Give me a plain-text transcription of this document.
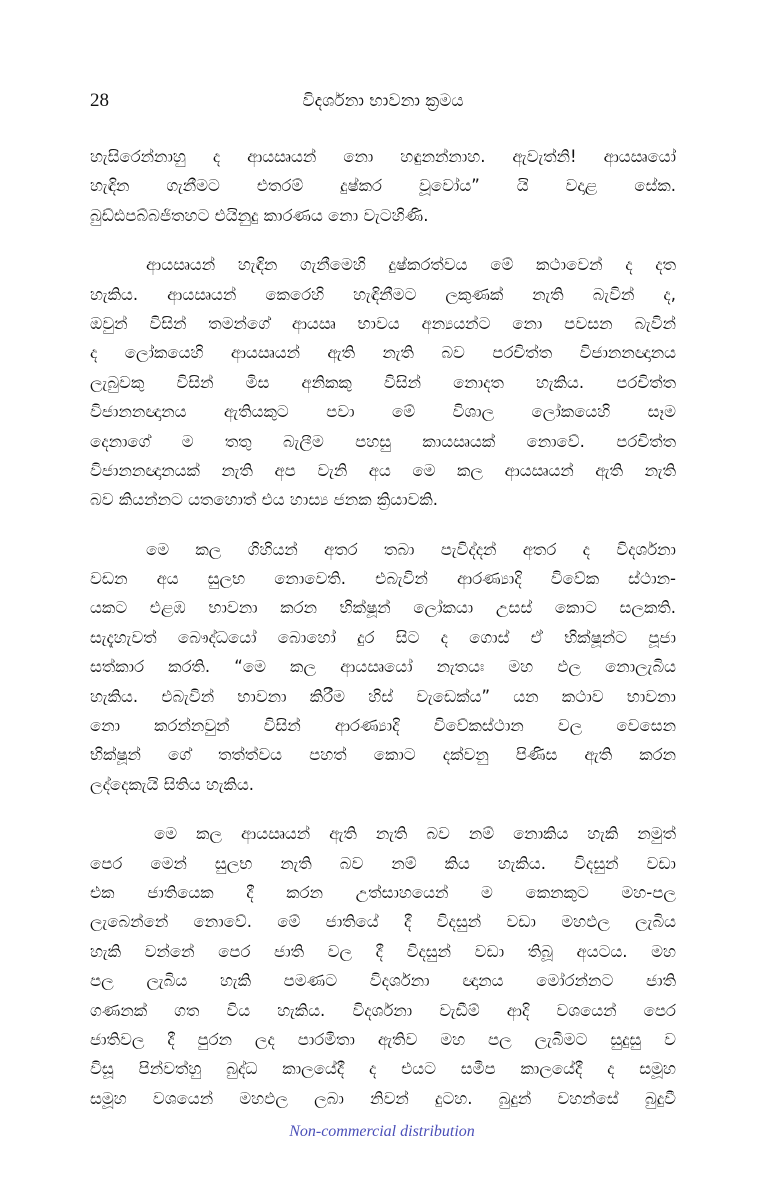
28	විදර්ශනා භාවනා ක්‍රමය
හැසිරෙන්නාහු ද ආයඍයන් නො හඳුනන්නාහ. ඇවැත්නි! ආයඍයෝ
හැඳින ගැනීමට එතරම් දුෂ්කර වූවෝය” යි වදාළ සේක.
බුඩ්ඪපබ්බජිතහට එයිනුදු කාරණය නො වැටහිණි.
ආයඍයන් හැඳින ගැනීමෙහි දුෂ්කරත්වය මේ කථාවෙන් ද දත
හැකිය. ආයඍයන් කෙරෙහි හැඳිනීමට ලකුණක් නැති බැවින් ද,
ඔවුන් විසින් තමන්ගේ ආයඍ භාවය අන්‍යයන්ට නො පවසන බැවින්
ද ලෝකයෙහි ආයඍයන් ඇති නැති බව පරචිත්ත විජානනඥානය
ලැබුවකු විසින් මිස අනිකකු විසින් නොදත හැකිය. පරචිත්ත
විජානනඥානය ඇතියකුට පවා මේ විශාල ලෝකයෙහි සෑම
දෙනාගේ ම තතු බැලීම පහසු කායඍයක් නොවේ. පරචිත්ත
විජානනඥානයක් නැති අප වැනි අය මෙ කල ආයඍයන් ඇති නැති
බව කියන්නට යතහොත් එය හාස්‍ය ජනක ක්‍රියාවකි.
මෙ කල ගිහියන් අතර තබා පැවිද්දන් අතර ද විදර්ශනා
වඩන අය සුලභ නොවෙති. එබැවින් ආරණ්‍යාදි විවේක ස්ථාන-
යකට එළඹ භාවනා කරන භික්ෂූන් ලෝකයා උසස් කොට සලකති.
සැදැහැවත් බෞද්ධයෝ බොහෝ දුර සිට ද ගොස් ඒ භික්ෂූන්ට පූජා
සත්කාර කරති. “මෙ කල ආයඍයෝ නැතයඃ මහ ඵල නොලැබිය
හැකිය. එබැවින් භාවනා කිරීම හිස් වැඩෙක්ය” යන කථාව භාවනා
නො කරන්නවුන් විසින් ආරණ්‍යාදි විවේකස්ථාන වල වෙසෙන
භික්ෂූන් ගේ තත්ත්වය පහත් කොට දක්වනු පිණිස ඇති කරන
ලද්දෙකැයි සිතිය හැකිය.
මෙ කල ආයඍයන් ඇති නැති බව නම් නොකිය හැකි නමුත්
පෙර මෙන් සුලභ නැති බව නම් කිය හැකිය. විදසුන් වඩා
එක ජාතියෙක දී කරන උත්සාහයෙන් ම කෙනකුට මහ-පල
ලැබෙන්නේ නොවේ. මේ ජාතියේ දී විදසුන් වඩා මහඵල ලැබිය
හැකි වන්නේ පෙර ජාති වල දී විදසුන් වඩා තිබූ අයටය. මහ
පල ලැබිය හැකි පමණට විදර්ශනා ඥානය මෝරන්නට ජාති
ගණනක් ගත විය හැකිය. විදර්ශනා වැඩීම් ආදි වශයෙන් පෙර
ජාතිවල දී පුරන ලද පාරමිතා ඇතිව මහ පල ලැබීමට සුදුසු ව
විසූ පින්වත්හු බුද්ධ කාලයේදී ද එයට සමීප කාලයේදී ද සමූහ
සමූහ වශයෙන් මහඵල ලබා නිවන් දුටහ. බුදුන් වහන්සේ බුදුවී
Non-commercial distribution
